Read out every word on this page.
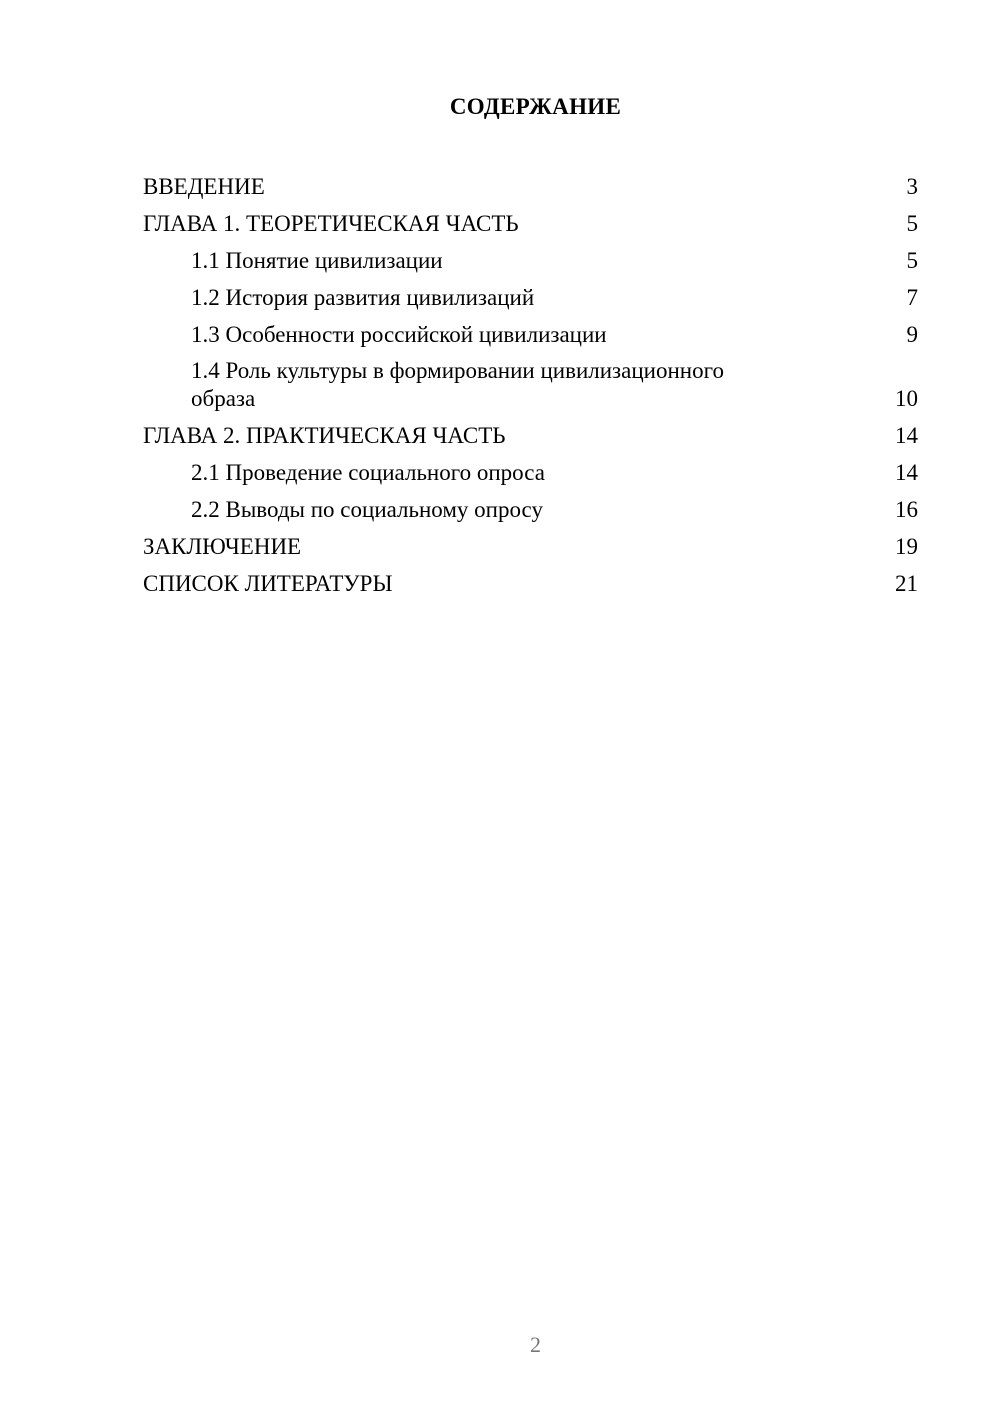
СОДЕРЖАНИЕ
ВВЕДЕНИЕ	3
ГЛАВА 1. ТЕОРЕТИЧЕСКАЯ ЧАСТЬ	5
1.1 Понятие цивилизации	5
1.2 История развития цивилизаций	7
1.3 Особенности российской цивилизации	9
1.4 Роль культуры в формировании цивилизационного образа	10
ГЛАВА 2. ПРАКТИЧЕСКАЯ ЧАСТЬ	14
2.1 Проведение социального опроса	14
2.2 Выводы по социальному опросу	16
ЗАКЛЮЧЕНИЕ	19
СПИСОК ЛИТЕРАТУРЫ	21
2
